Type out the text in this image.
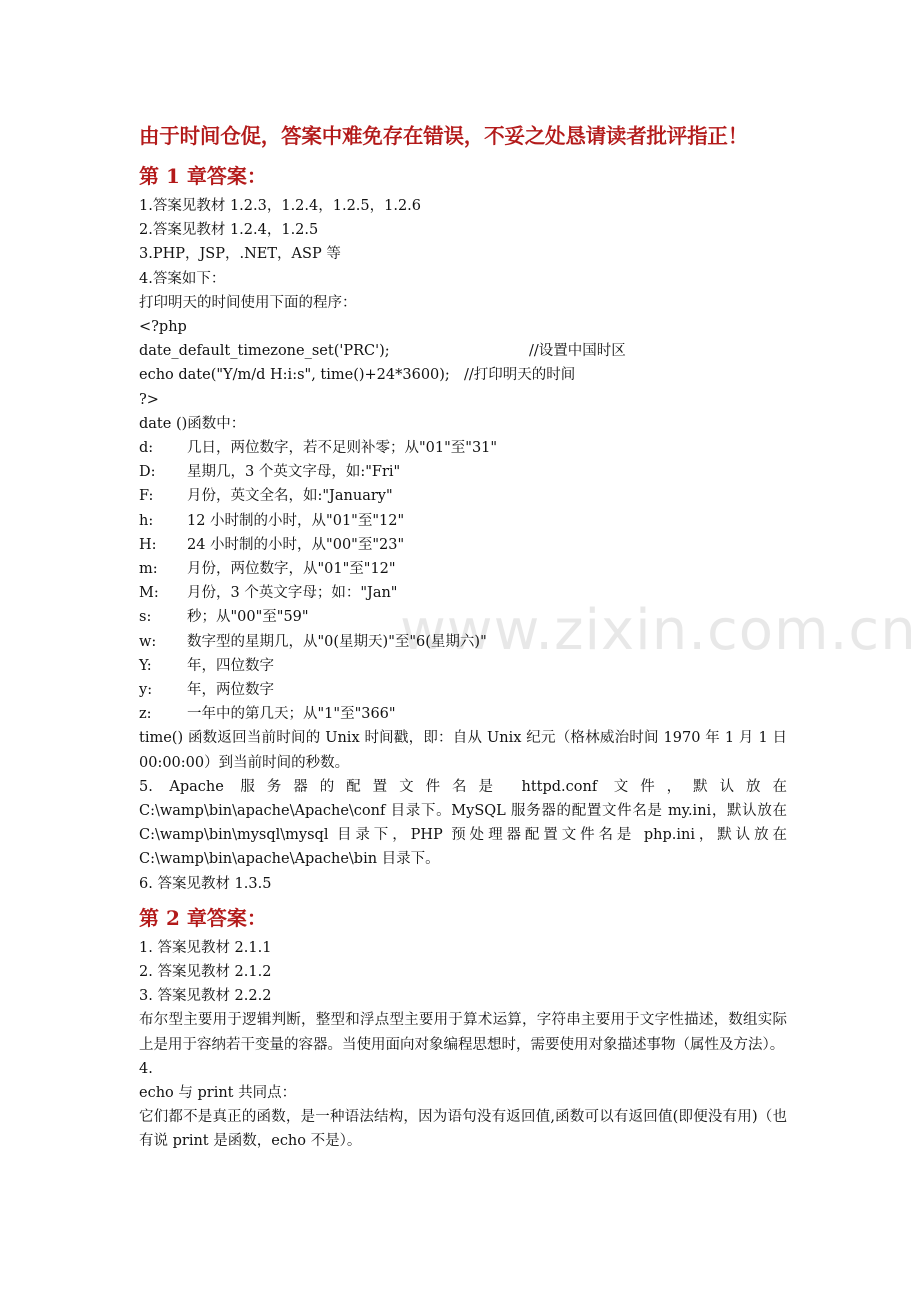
由于时间仓促，答案中难免存在错误，不妥之处恳请读者批评指正！

第 1 章答案：

1.答案见教材 1.2.3，1.2.4，1.2.5，1.2.6

2.答案见教材 1.2.4，1.2.5

3.PHP，JSP，.NET，ASP 等

4.答案如下：

打印明天的时间使用下面的程序：

<?php

date_default_timezone_set('PRC');	//设置中国时区
echo date("Y/m/d H:i:s", time()+24*3600); //打印明天的时间

?>

date ()函数中：

d:	几日，两位数字，若不足则补零；从"01"至"31"
D:	星期几，3 个英文字母，如:"Fri"
F:	月份，英文全名，如:"January"
h:	12 小时制的小时，从"01"至"12"
H:	24 小时制的小时，从"00"至"23"
m:	月份，两位数字，从"01"至"12"
M:	月份，3 个英文字母；如："Jan"
s:	秒；从"00"至"59"
w:	数字型的星期几，从"0(星期天)"至"6(星期六)"
Y:	年，四位数字
y:	年，两位数字
z:	一年中的第几天；从"1"至"366"

time() 函数返回当前时间的 Unix 时间戳，即：自从 Unix 纪元（格林威治时间 1970 年 1 月 1 日 00:00:00）到当前时间的秒数。

5. Apache 服务器的配置文件名是 httpd.conf 文件，默认放在 C:\wamp\bin\apache\Apache\conf 目录下。MySQL 服务器的配置文件名是 my.ini，默认放在 C:\wamp\bin\mysql\mysql 目录下，PHP 预处理器配置文件名是 php.ini，默认放在 C:\wamp\bin\apache\Apache\bin 目录下。

6. 答案见教材 1.3.5

第 2 章答案：

1. 答案见教材 2.1.1

2. 答案见教材 2.1.2

3. 答案见教材 2.2.2

布尔型主要用于逻辑判断，整型和浮点型主要用于算术运算，字符串主要用于文字性描述，数组实际上是用于容纳若干变量的容器。当使用面向对象编程思想时，需要使用对象描述事物（属性及方法）。

4.

echo 与 print 共同点：

它们都不是真正的函数，是一种语法结构，因为语句没有返回值,函数可以有返回值(即便没有用)（也有说 print 是函数，echo 不是）。

www.zixin.com.cn
